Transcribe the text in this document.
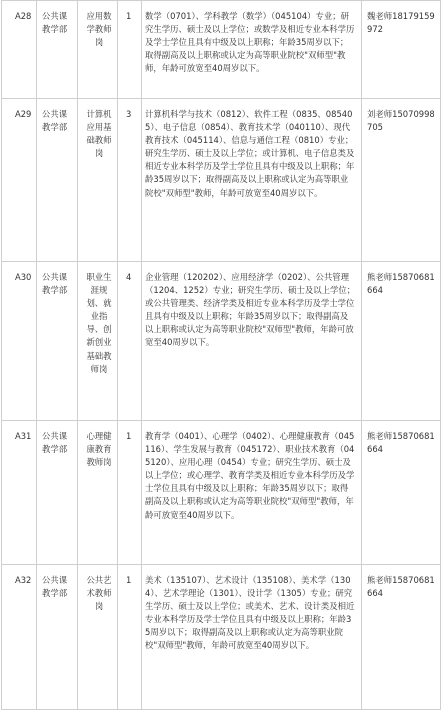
A28	公共课教学部	应用数学教师岗	1	数学（0701）、学科教学（数学）（045104）专业；研究生学历、硕士及以上学位；或数学及相近专业本科学历及学士学位且具有中级及以上职称；年龄35周岁以下；取得副高及以上职称或认定为高等职业院校"双师型"教师，年龄可放宽至40周岁以下。	魏老师18179159972
A29	公共课教学部	计算机应用基础教师岗	3	计算机科学与技术（0812）、软件工程（0835、085405）、电子信息（0854）、教育技术学（040110）、现代教育技术（045114）、信息与通信工程（0810）专业；研究生学历、硕士及以上学位；或计算机、电子信息类及相近专业本科学历及学士学位且具有中级及以上职称；年龄35周岁以下；取得副高及以上职称或认定为高等职业院校"双师型"教师，年龄可放宽至40周岁以下。	刘老师15070998705
A30	公共课教学部	职业生涯规划、就业指导、创新创业基础教师岗	4	企业管理（120202）、应用经济学（0202）、公共管理（1204、1252）专业；研究生学历、硕士及以上学位；或公共管理类、经济学类及相近专业本科学历及学士学位且具有中级及以上职称；年龄35周岁以下；取得副高及以上职称或认定为高等职业院校"双师型"教师，年龄可放宽至40周岁以下。	熊老师15870681664
A31	公共课教学部	心理健康教育教师岗	1	教育学（0401）、心理学（0402）、心理健康教育（045116）、学生发展与教育（045172）、职业技术教育（045120）、应用心理（0454）专业；研究生学历、硕士及以上学位；或心理学、教育学类及相近专业本科学历及学士学位且具有中级及以上职称；年龄35周岁以下；取得副高及以上职称或认定为高等职业院校"双师型"教师，年龄可放宽至40周岁以下。	熊老师15870681664
A32	公共课教学部	公共艺术教师岗	1	美术（135107）、艺术设计（135108）、美术学（1304）、艺术学理论（1301）、设计学（1305）专业；研究生学历、硕士及以上学位；或美术、艺术、设计类及相近专业本科学历及学士学位且具有中级及以上职称；年龄35周岁以下；取得副高及以上职称或认定为高等职业院校"双师型"教师，年龄可放宽至40周岁以下。	熊老师15870681664
